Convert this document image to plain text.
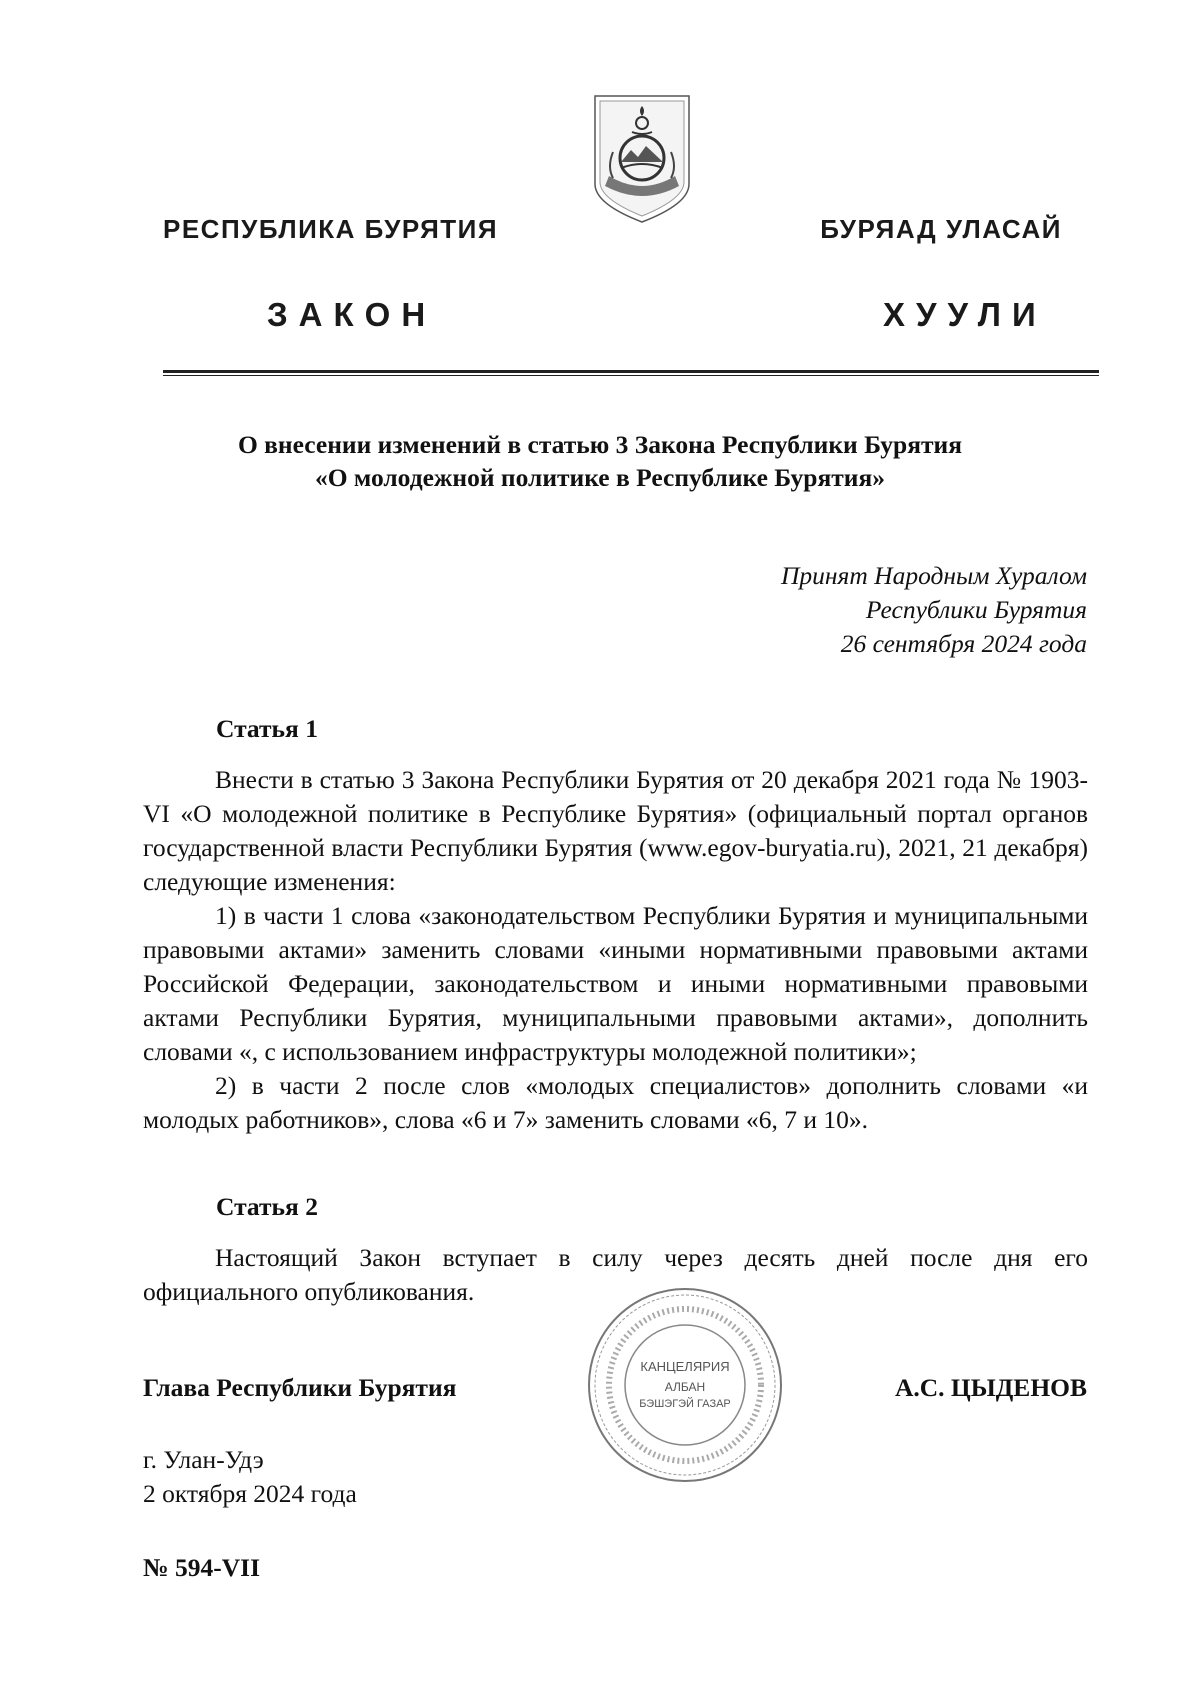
РЕСПУБЛИКА БУРЯТИЯ	БУРЯАД УЛАСАЙ
ЗАКОН	ХУУЛИ
О внесении изменений в статью 3 Закона Республики Бурятия
«О молодежной политике в Республике Бурятия»
Принят Народным Хуралом
Республики Бурятия
26 сентября 2024 года
Статья 1

Внести в статью 3 Закона Республики Бурятия от 20 декабря 2021 года № 1903-VI «О молодежной политике в Республике Бурятия» (официальный портал органов государственной власти Республики Бурятия (www.egov-buryatia.ru), 2021, 21 декабря) следующие изменения:

1) в части 1 слова «законодательством Республики Бурятия и муниципальными правовыми актами» заменить словами «иными нормативными правовыми актами Российской Федерации, законодательством и иными нормативными правовыми актами Республики Бурятия, муниципальными правовыми актами», дополнить словами «, с использованием инфраструктуры молодежной политики»;

2) в части 2 после слов «молодых специалистов» дополнить словами «и молодых работников», слова «6 и 7» заменить словами «6, 7 и 10».

Статья 2

Настоящий Закон вступает в силу через десять дней после дня его официального опубликования.

КАНЦЕЛЯРИЯ
АЛБАН
БЭШЭГЭЙ ГАЗАР
Глава Республики Бурятия	А.С. ЦЫДЕНОВ
г. Улан-Удэ
2 октября 2024 года
№ 594-VII
